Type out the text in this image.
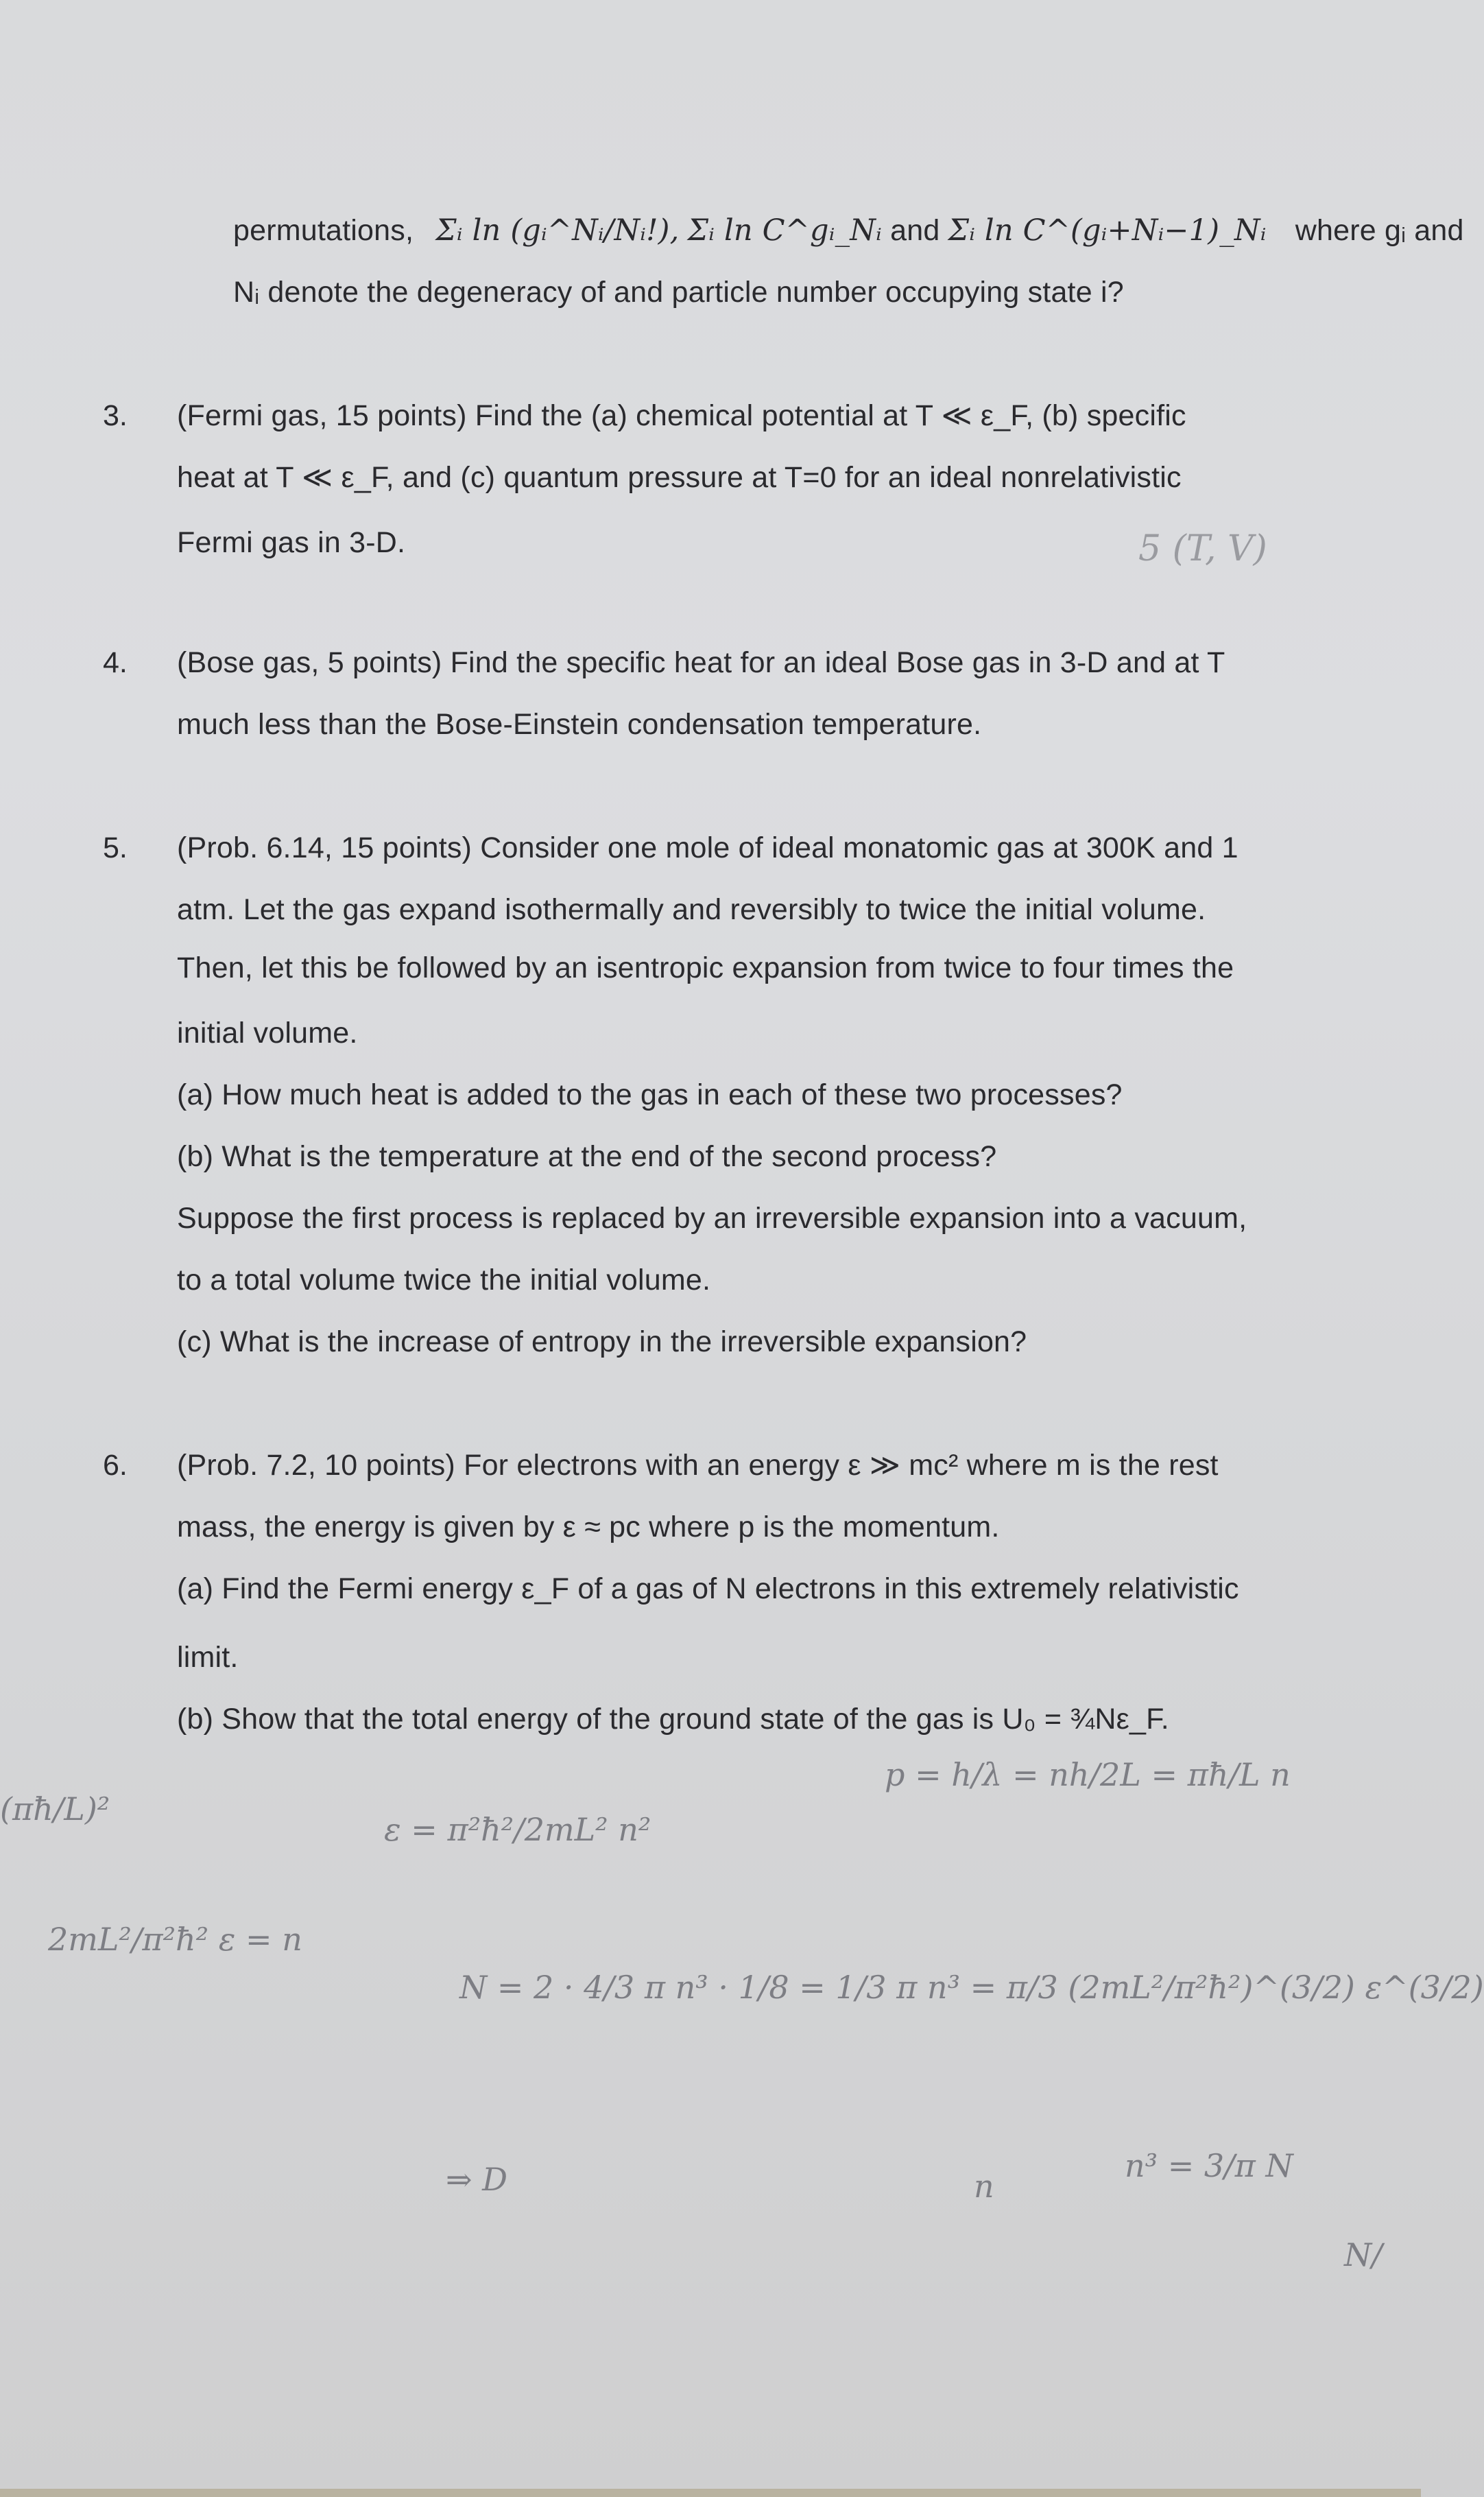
permutations, Σᵢ ln (gᵢ^Nᵢ/Nᵢ!), Σᵢ ln C^gᵢ_Nᵢ and Σᵢ ln C^(gᵢ+Nᵢ−1)_Nᵢ where gᵢ and
Nᵢ denote the degeneracy of and particle number occupying state i?
3. (Fermi gas, 15 points) Find the (a) chemical potential at T ≪ ε_F, (b) specific
heat at T ≪ ε_F, and (c) quantum pressure at T=0 for an ideal nonrelativistic
Fermi gas in 3-D.
4. (Bose gas, 5 points) Find the specific heat for an ideal Bose gas in 3-D and at T
much less than the Bose-Einstein condensation temperature.
5. (Prob. 6.14, 15 points) Consider one mole of ideal monatomic gas at 300K and 1
atm. Let the gas expand isothermally and reversibly to twice the initial volume.
Then, let this be followed by an isentropic expansion from twice to four times the
initial volume.
(a) How much heat is added to the gas in each of these two processes?
(b) What is the temperature at the end of the second process?
Suppose the first process is replaced by an irreversible expansion into a vacuum,
to a total volume twice the initial volume.
(c) What is the increase of entropy in the irreversible expansion?
6. (Prob. 7.2, 10 points) For electrons with an energy ε ≫ mc² where m is the rest
mass, the energy is given by ε ≈ pc where p is the momentum.
(a) Find the Fermi energy ε_F of a gas of N electrons in this extremely relativistic
limit.
(b) Show that the total energy of the ground state of the gas is U₀ = ¾Nε_F.
5 (T, V)
(πħ/L)²
2mL²/π²ħ² ε = n
ε = π²ħ²/2mL² n²
p = h/λ = nh/2L = πħ/L n
N = 2 · 4/3 π n³ · 1/8 = 1/3 π n³ = π/3 (2mL²/π²ħ²)^(3/2) ε^(3/2)
⇒ D	n
n³ = 3/π N
N/
